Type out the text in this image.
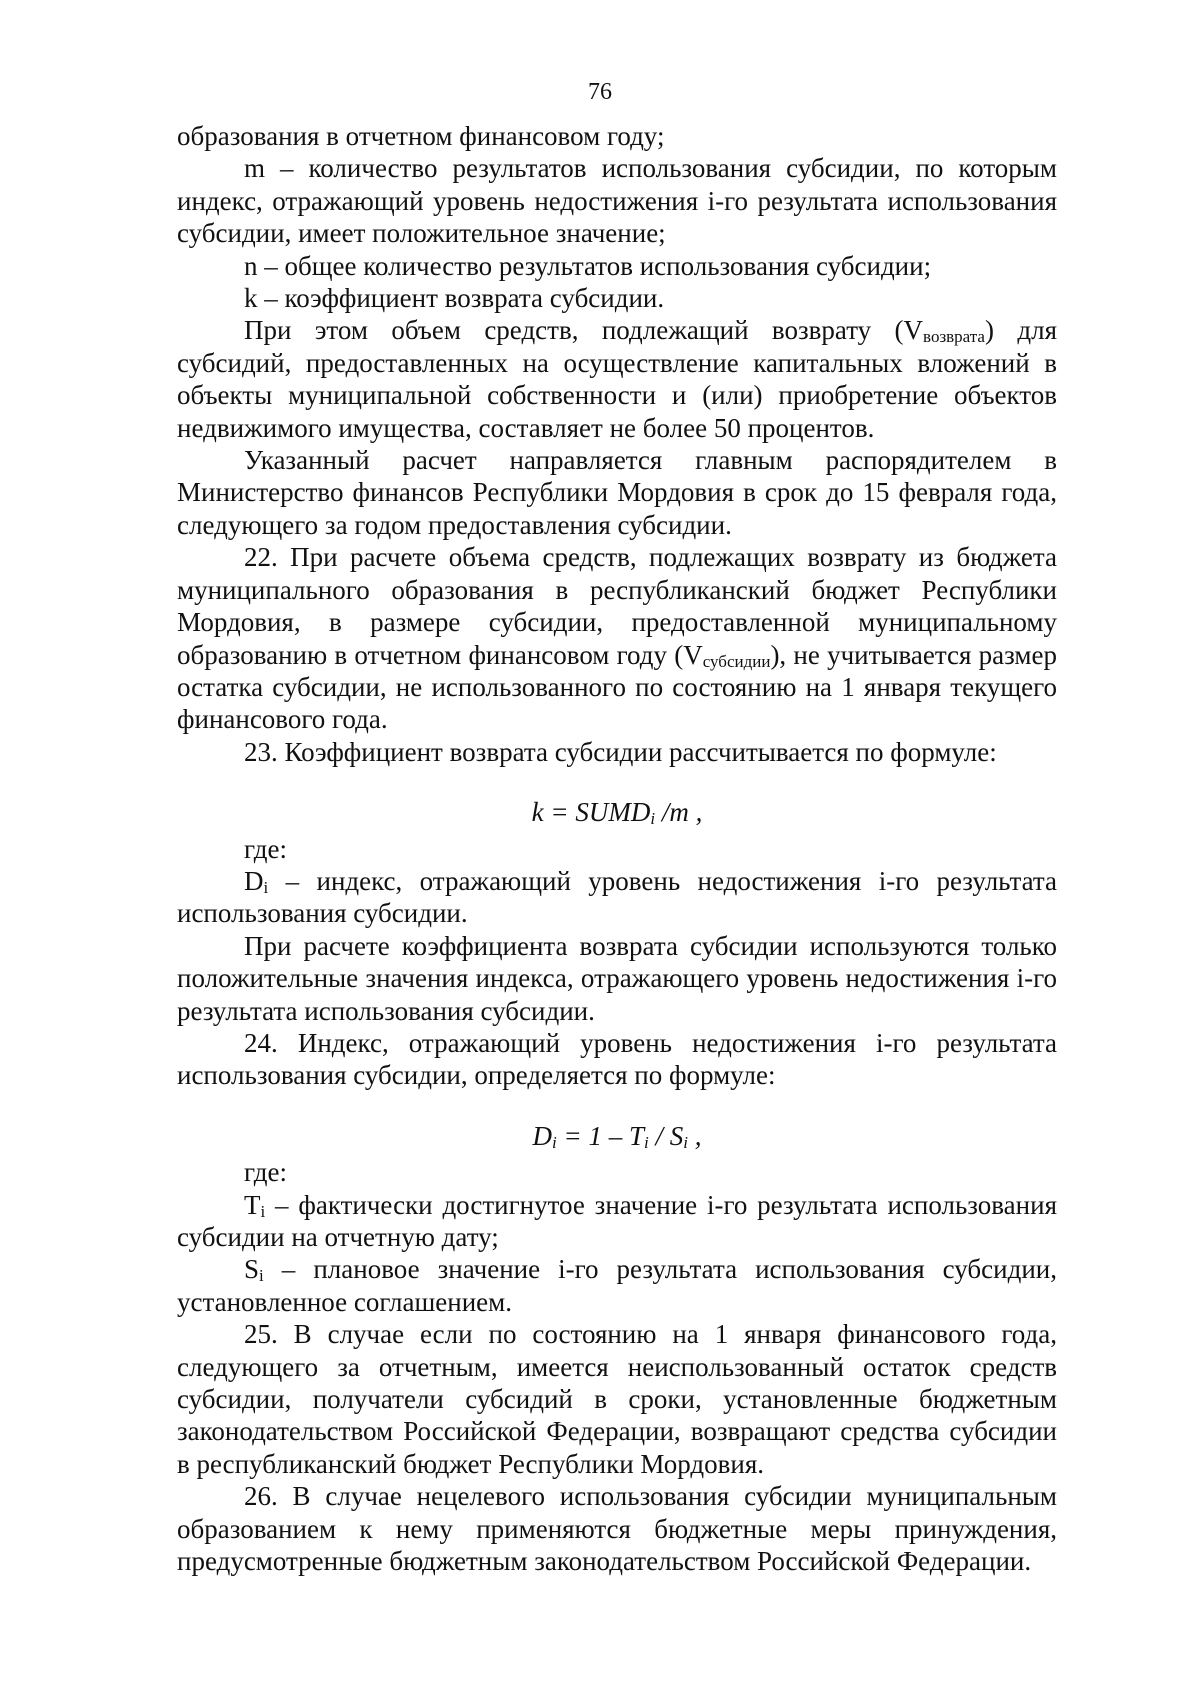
76

образования в отчетном финансовом году;

m – количество результатов использования субсидии, по которым индекс, отражающий уровень недостижения i-го результата использования субсидии, имеет положительное значение;

n – общее количество результатов использования субсидии;

k – коэффициент возврата субсидии.

При этом объем средств, подлежащий возврату $(V_{возврата})$ для субсидий, предоставленных на осуществление капитальных вложений в объекты муниципальной собственности и (или) приобретение объектов недвижимого имущества, составляет не более 50 процентов.

Указанный расчет направляется главным распорядителем в Министерство финансов Республики Мордовия в срок до 15 февраля года, следующего за годом предоставления субсидии.

22. При расчете объема средств, подлежащих возврату из бюджета муниципального образования в республиканский бюджет Республики Мордовия, в размере субсидии, предоставленной муниципальному образованию в отчетном финансовом году $(V_{субсидии})$, не учитывается размер остатка субсидии, не использованного по состоянию на 1 января текущего финансового года.

23. Коэффициент возврата субсидии рассчитывается по формуле:

$k = SUMD_i$ /m ,

где:

$D_i$ – индекс, отражающий уровень недостижения i-го результата использования субсидии.

При расчете коэффициента возврата субсидии используются только положительные значения индекса, отражающего уровень недостижения i-го результата использования субсидии.

24. Индекс, отражающий уровень недостижения i-го результата использования субсидии, определяется по формуле:

$D_i = 1 - T_i / S_i$ ,

где:

$T_i$ – фактически достигнутое значение i-го результата использования субсидии на отчетную дату;

$S_i$ – плановое значение i-го результата использования субсидии, установленное соглашением.

25. В случае если по состоянию на 1 января финансового года, следующего за отчетным, имеется неиспользованный остаток средств субсидии, получатели субсидий в сроки, установленные бюджетным законодательством Российской Федерации, возвращают средства субсидии в республиканский бюджет Республики Мордовия.

26. В случае нецелевого использования субсидии муниципальным образованием к нему применяются бюджетные меры принуждения, предусмотренные бюджетным законодательством Российской Федерации.
